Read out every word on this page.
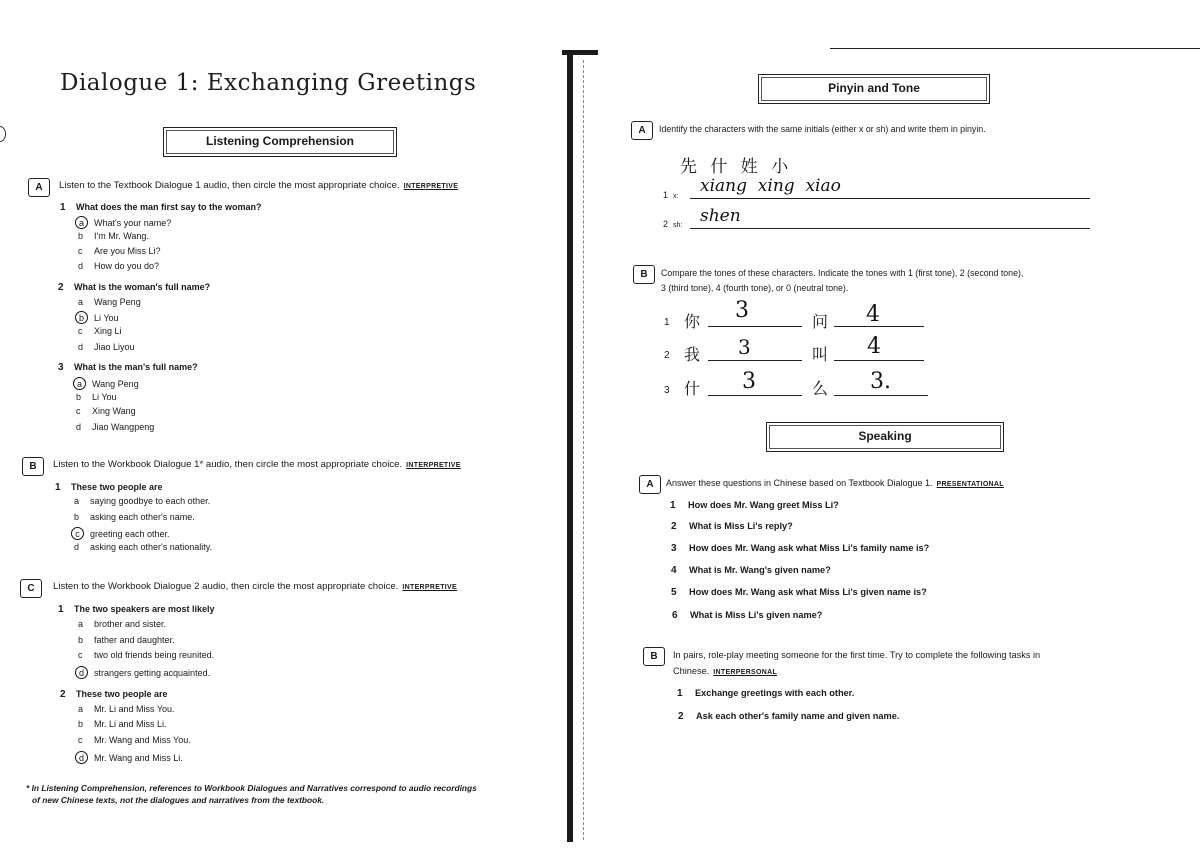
Dialogue 1: Exchanging Greetings
Listening Comprehension
A	Listen to the Textbook Dialogue 1 audio, then circle the most appropriate choice. INTERPRETIVE
1 What does the man first say to the woman?
a What's your name?
b I'm Mr. Wang.
c Are you Miss Li?
d How do you do?
2 What is the woman's full name?
a Wang Peng
b Li You
c Xing Li
d Jiao Liyou
3 What is the man's full name?
a Wang Peng
b Li You
c Xing Wang
d Jiao Wangpeng
B	Listen to the Workbook Dialogue 1* audio, then circle the most appropriate choice. INTERPRETIVE
1 These two people are
a saying goodbye to each other.
b asking each other's name.
c greeting each other.
d asking each other's nationality.
C	Listen to the Workbook Dialogue 2 audio, then circle the most appropriate choice. INTERPRETIVE
1 The two speakers are most likely
a brother and sister.
b father and daughter.
c two old friends being reunited.
d strangers getting acquainted.
2 These two people are
a Mr. Li and Miss You.
b Mr. Li and Miss Li.
c Mr. Wang and Miss You.
d Mr. Wang and Miss Li.
* In Listening Comprehension, references to Workbook Dialogues and Narratives correspond to audio recordings
of new Chinese texts, not the dialogues and narratives from the textbook.
Pinyin and Tone
A	Identify the characters with the same initials (either x or sh) and write them in pinyin.
先 什 姓 小
1 x:
xiang  xing  xiao
2 sh: shen
B	Compare the tones of these characters. Indicate the tones with 1 (first tone), 2 (second tone),
3 (third tone), 4 (fourth tone), or 0 (neutral tone).
1 你 3	问 4
2 我 3	叫 4
3 什 3	么 3.
Speaking
A	Answer these questions in Chinese based on Textbook Dialogue 1. PRESENTATIONAL
1 How does Mr. Wang greet Miss Li?
2 What is Miss Li's reply?
3 How does Mr. Wang ask what Miss Li's family name is?
4 What is Mr. Wang's given name?
5 How does Mr. Wang ask what Miss Li's given name is?
6 What is Miss Li's given name?
B	In pairs, role-play meeting someone for the first time. Try to complete the following tasks in
Chinese. INTERPERSONAL
1 Exchange greetings with each other.
2 Ask each other's family name and given name.
